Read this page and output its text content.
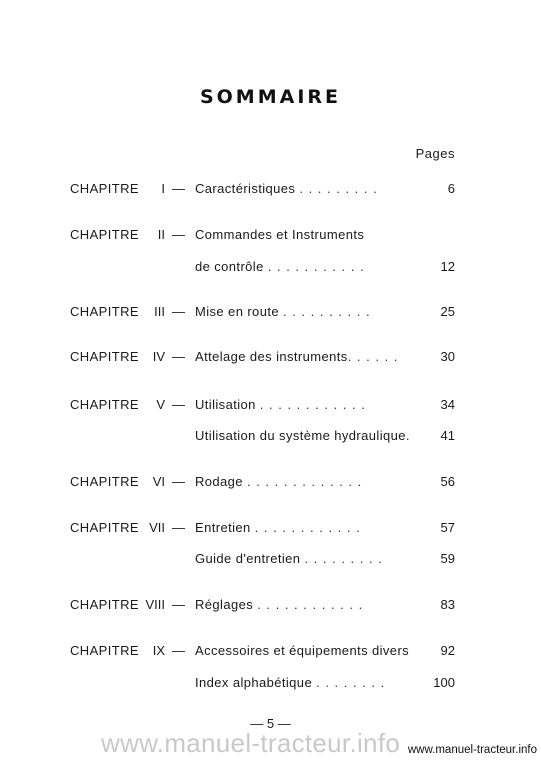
SOMMAIRE
Pages
CHAPITRE I — Caractéristiques . . . . . . . . .	6
CHAPITRE II — Commandes et Instruments
de contrôle . . . . . . . . . . .	12
CHAPITRE III — Mise en route . . . . . . . . . .	25
CHAPITRE IV — Attelage des instruments. . . . . .	30
CHAPITRE V — Utilisation . . . . . . . . . . . .	34
Utilisation du système hydraulique. 41
CHAPITRE VI — Rodage . . . . . . . . . . . . .	56
CHAPITRE VII — Entretien . . . . . . . . . . . .	57
Guide d'entretien . . . . . . . . .	59
CHAPITRE VIII — Réglages . . . . . . . . . . . .	83
CHAPITRE IX — Accessoires et équipements divers 92
Index alphabétique . . . . . . . .	100
— 5 —
www.manuel-tracteur.info www.manuel-tracteur.info
